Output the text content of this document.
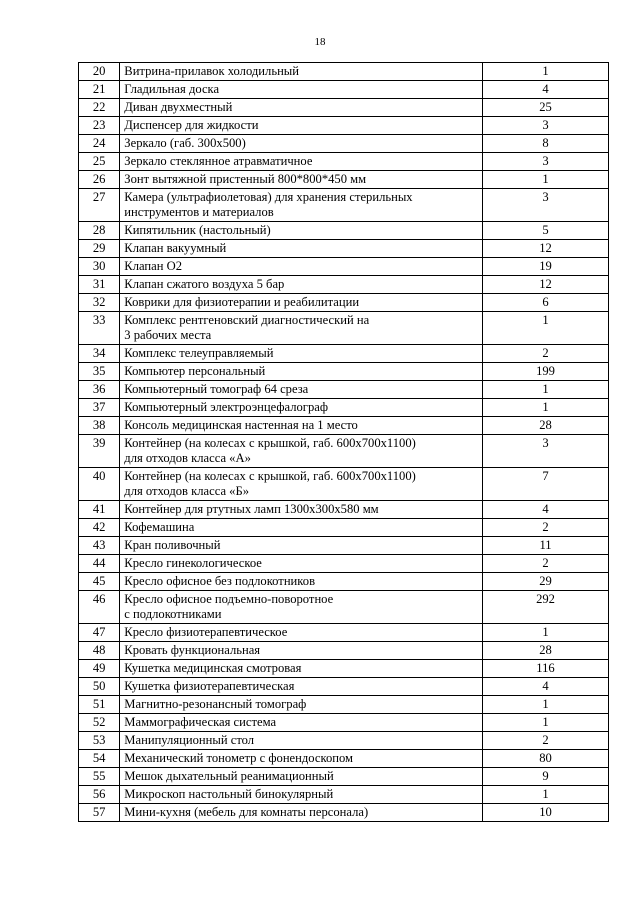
18
20	Витрина-прилавок холодильный	1
21	Гладильная доска	4
22	Диван двухместный	25
23	Диспенсер для жидкости	3
24	Зеркало (габ. 300х500)	8
25	Зеркало стеклянное атравматичное	3
26	Зонт вытяжной пристенный 800*800*450 мм	1
27	Камера (ультрафиолетовая) для хранения стерильных
инструментов и материалов	3
28	Кипятильник (настольный)	5
29	Клапан вакуумный	12
30	Клапан О2	19
31	Клапан сжатого воздуха 5 бар	12
32	Коврики для физиотерапии и реабилитации	6
33	Комплекс рентгеновский диагностический на
3 рабочих места	1
34	Комплекс телеуправляемый	2
35	Компьютер персональный	199
36	Компьютерный томограф 64 среза	1
37	Компьютерный электроэнцефалограф	1
38	Консоль медицинская настенная на 1 место	28
39	Контейнер (на колесах с крышкой, габ. 600х700х1100)
для отходов класса «А»	3
40	Контейнер (на колесах с крышкой, габ. 600х700х1100)
для отходов класса «Б»	7
41	Контейнер для ртутных ламп 1300х300х580 мм	4
42	Кофемашина	2
43	Кран поливочный	11
44	Кресло гинекологическое	2
45	Кресло офисное без подлокотников	29
46	Кресло офисное подъемно-поворотное
с подлокотниками	292
47	Кресло физиотерапевтическое	1
48	Кровать функциональная	28
49	Кушетка медицинская смотровая	116
50	Кушетка физиотерапевтическая	4
51	Магнитно-резонансный томограф	1
52	Маммографическая система	1
53	Манипуляционный стол	2
54	Механический тонометр с фонендоскопом	80
55	Мешок дыхательный реанимационный	9
56	Микроскоп настольный бинокулярный	1
57	Мини-кухня (мебель для комнаты персонала)	10
